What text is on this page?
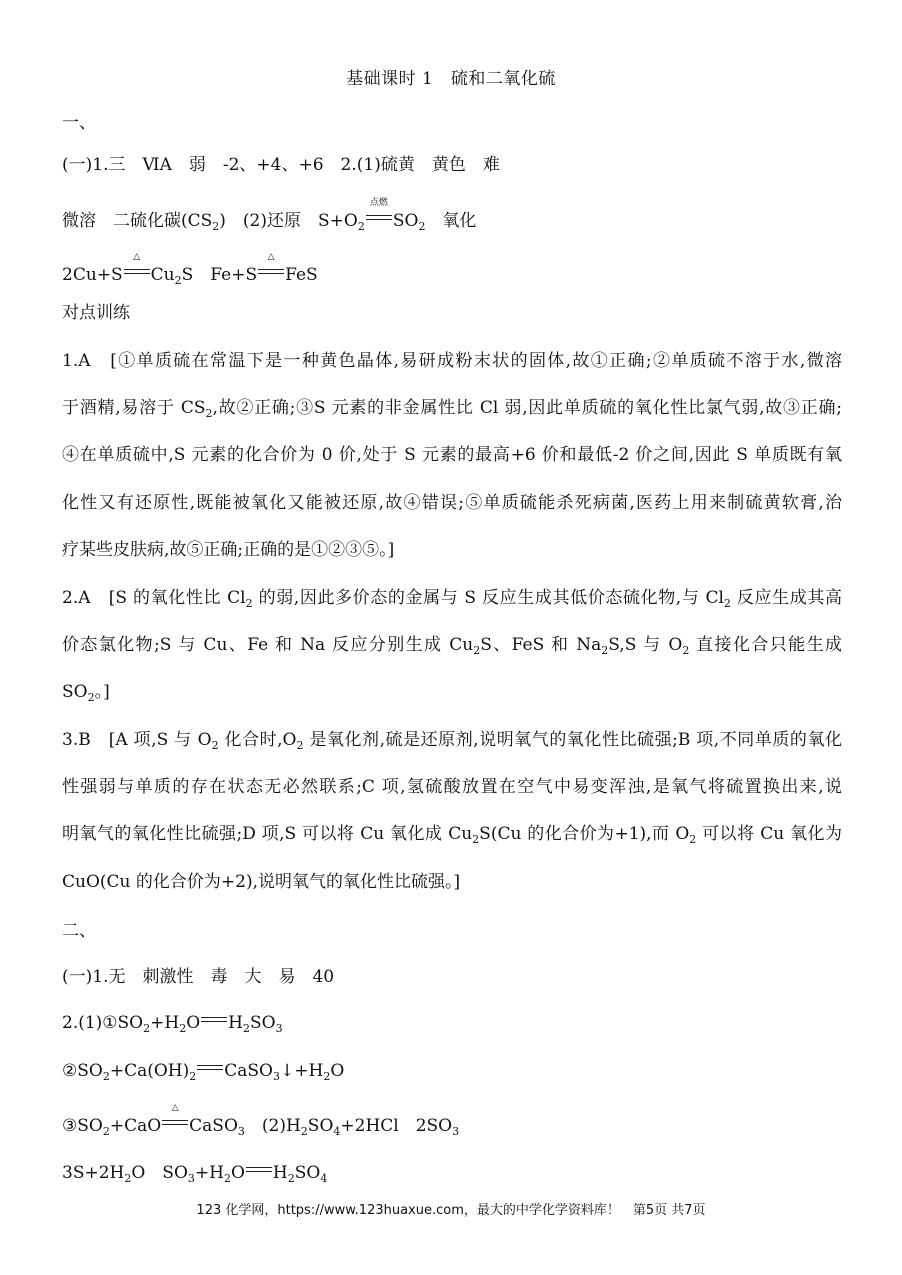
基础课时 1　硫和二氧化硫
一、
(一)1.三　ⅥA　弱　-2、+4、+6　2.(1)硫黄　黄色　难
微溶　二硫化碳$(CS_2)$　(2)还原　$S+O_2$
点燃
$SO_2$　氧化
2Cu+S
△
$Cu_2S$　Fe+S
△
FeS
对点训练
1.A　[①单质硫在常温下是一种黄色晶体,易研成粉末状的固体,故①正确;②单质硫不溶于水,微溶
于酒精,易溶于 $CS_2$,故②正确;③S 元素的非金属性比 Cl 弱,因此单质硫的氧化性比氯气弱,故③正确;
④在单质硫中,S 元素的化合价为 0 价,处于 S 元素的最高+6 价和最低-2 价之间,因此 S 单质既有氧
化性又有还原性,既能被氧化又能被还原,故④错误;⑤单质硫能杀死病菌,医药上用来制硫黄软膏,治
疗某些皮肤病,故⑤正确;正确的是①②③⑤。]
2.A　[S 的氧化性比 $Cl_2$ 的弱,因此多价态的金属与 S 反应生成其低价态硫化物,与 $Cl_2$ 反应生成其高
价态氯化物;S 与 Cu、Fe 和 Na 反应分别生成 $Cu_2S$、FeS 和 $Na_2S,S$ 与 $O_2$ 直接化合只能生成
$SO_2$。]
3.B　[A 项,S 与 $O_2$ 化合时$,O_2$ 是氧化剂,硫是还原剂,说明氧气的氧化性比硫强;B 项,不同单质的氧化
性强弱与单质的存在状态无必然联系;C 项,氢硫酸放置在空气中易变浑浊,是氧气将硫置换出来,说
明氧气的氧化性比硫强;D 项,S 可以将 Cu 氧化成 $Cu_2S(Cu$ 的化合价为+1),而 $O_2$ 可以将 Cu 氧化为
CuO(Cu 的化合价为+2),说明氧气的氧化性比硫强。]
二、
(一)1.无　刺激性　毒　大　易　40
$2.(1)①SO_2+H_2O$ $H_2SO_3$
$②SO_2+Ca(OH)_2$ $CaSO_3↓+H_2O$
$③SO_2+CaO$
△
CaSO$_3$　$(2)H_2SO_4+2HCl$　$2SO_3$
$3S+2H_2O$　$SO_3+H_2O$ $H_2SO_4$
123 化学网，https://www.123huaxue.com，最大的中学化学资料库！　第5页 共7页
